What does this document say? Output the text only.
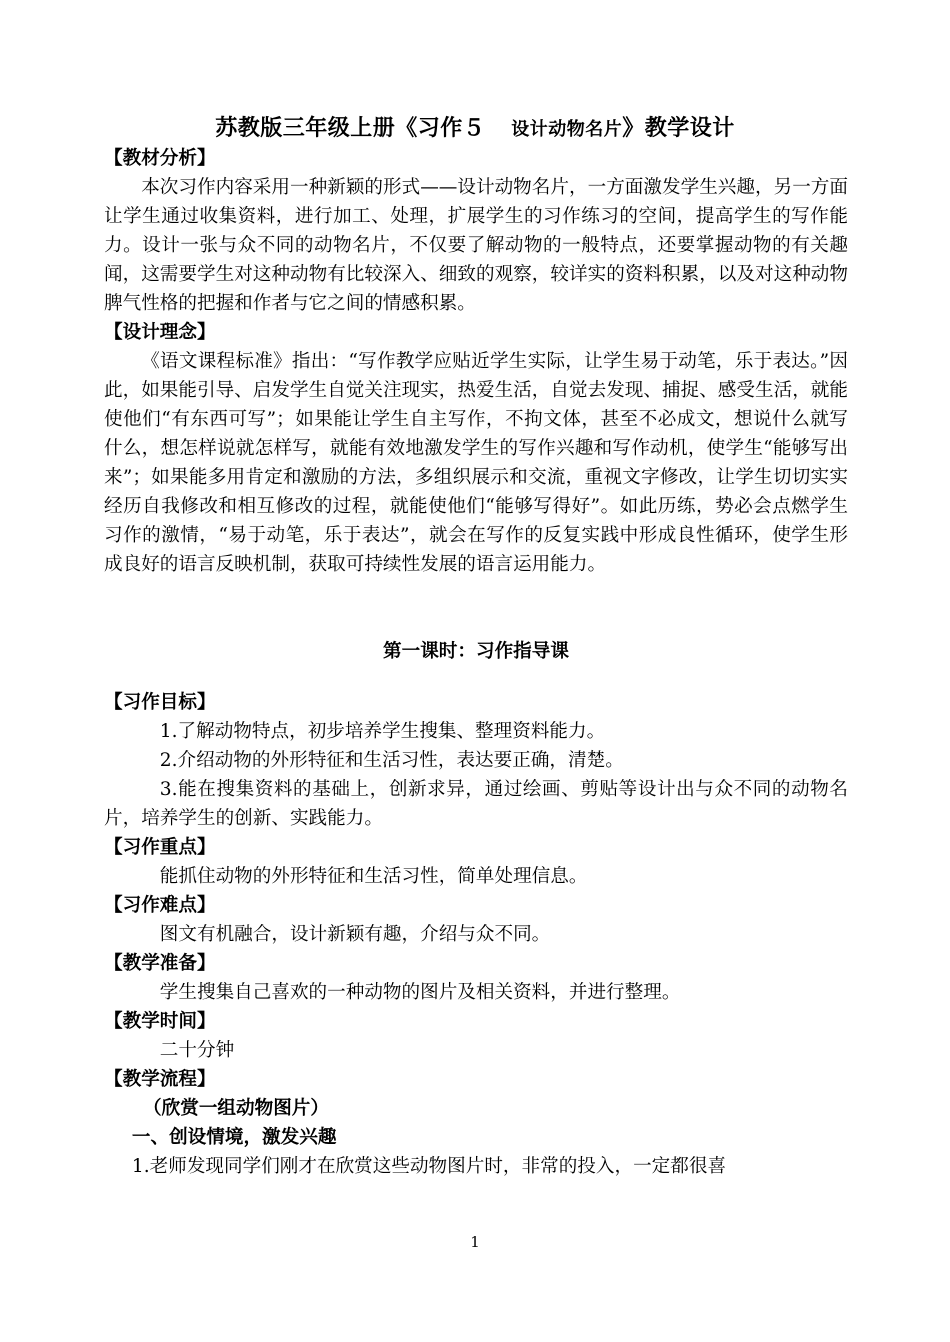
苏教版三年级上册《习作５ 设计动物名片》教学设计
【教材分析】

本次习作内容采用一种新颖的形式——设计动物名片，一方面激发学生兴趣，另一方面让学生通过收集资料，进行加工、处理，扩展学生的习作练习的空间，提高学生的写作能力。设计一张与众不同的动物名片，不仅要了解动物的一般特点，还要掌握动物的有关趣闻，这需要学生对这种动物有比较深入、细致的观察，较详实的资料积累，以及对这种动物脾气性格的把握和作者与它之间的情感积累。

【设计理念】

《语文课程标准》指出：“写作教学应贴近学生实际，让学生易于动笔，乐于表达。”因此，如果能引导、启发学生自觉关注现实，热爱生活，自觉去发现、捕捉、感受生活，就能使他们“有东西可写”；如果能让学生自主写作，不拘文体，甚至不必成文，想说什么就写什么，想怎样说就怎样写，就能有效地激发学生的写作兴趣和写作动机，使学生“能够写出来”；如果能多用肯定和激励的方法，多组织展示和交流，重视文字修改，让学生切切实实经历自我修改和相互修改的过程，就能使他们“能够写得好”。如此历练，势必会点燃学生习作的激情，“易于动笔，乐于表达”，就会在写作的反复实践中形成良性循环，使学生形成良好的语言反映机制，获取可持续性发展的语言运用能力。

第一课时：习作指导课
【习作目标】
1.了解动物特点，初步培养学生搜集、整理资料能力。
2.介绍动物的外形特征和生活习性，表达要正确，清楚。

3.能在搜集资料的基础上，创新求异，通过绘画、剪贴等设计出与众不同的动物名片，培养学生的创新、实践能力。

【习作重点】
能抓住动物的外形特征和生活习性，简单处理信息。
【习作难点】
图文有机融合，设计新颖有趣，介绍与众不同。
【教学准备】
学生搜集自己喜欢的一种动物的图片及相关资料，并进行整理。
【教学时间】
二十分钟
【教学流程】
（欣赏一组动物图片）
一、创设情境，激发兴趣
1.老师发现同学们刚才在欣赏这些动物图片时，非常的投入，一定都很喜
1
